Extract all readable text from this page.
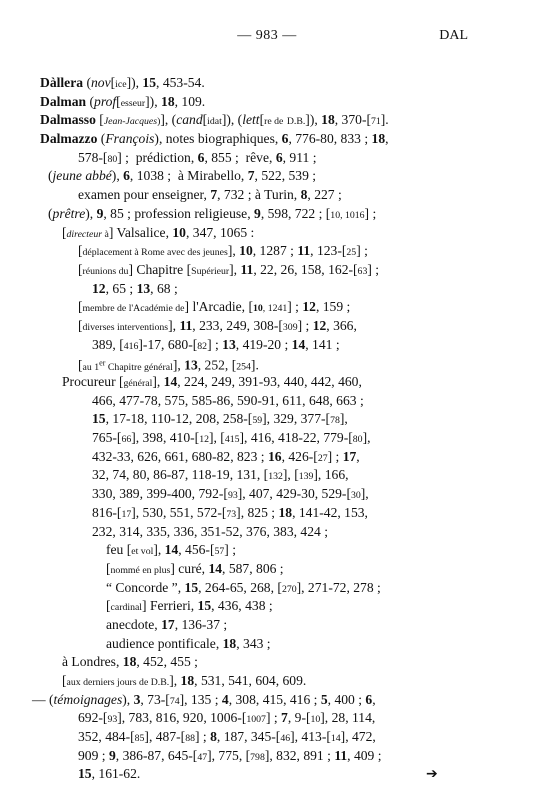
— 983 —	DAL
Dàllera (nov[ice]), 15, 453-54.
Dalman (prof[esseur]), 18, 109.
Dalmasso [Jean-Jacques)], (cand[idat]), (lett[re de D.B.]), 18, 370-[71].
Dalmazzo (François), notes biographiques, 6, 776-80, 833 ; 18,
578-[80] ;  prédiction, 6, 855 ;  rêve, 6, 911 ;
(jeune abbé), 6, 1038 ;  à Mirabello, 7, 522, 539 ;
examen pour enseigner, 7, 732 ; à Turin, 8, 227 ;
(prêtre), 9, 85 ; profession religieuse, 9, 598, 722 ; [10, 1016] ;
[directeur à] Valsalice, 10, 347, 1065 :
[déplacement à Rome avec des jeunes], 10, 1287 ; 11, 123-[25] ;
[réunions du] Chapitre [Supérieur], 11, 22, 26, 158, 162-[63] ;
12, 65 ; 13, 68 ;
[membre de l'Académie de] l'Arcadie, [10, 1241] ; 12, 159 ;
[diverses interventions], 11, 233, 249, 308-[309] ; 12, 366,
389, [416]-17, 680-[82] ; 13, 419-20 ; 14, 141 ;
[au 1er Chapitre général], 13, 252, [254].
Procureur [général], 14, 224, 249, 391-93, 440, 442, 460,
466, 477-78, 575, 585-86, 590-91, 611, 648, 663 ;
15, 17-18, 110-12, 208, 258-[59], 329, 377-[78],
765-[66], 398, 410-[12], [415], 416, 418-22, 779-[80],
432-33, 626, 661, 680-82, 823 ; 16, 426-[27] ; 17,
32, 74, 80, 86-87, 118-19, 131, [132], [139], 166,
330, 389, 399-400, 792-[93], 407, 429-30, 529-[30],
816-[17], 530, 551, 572-[73], 825 ; 18, 141-42, 153,
232, 314, 335, 336, 351-52, 376, 383, 424 ;
feu [et vol], 14, 456-[57] ;
[nommé en plus] curé, 14, 587, 806 ;
“ Concorde ”, 15, 264-65, 268, [270], 271-72, 278 ;
[cardinal] Ferrieri, 15, 436, 438 ;
anecdote, 17, 136-37 ;
audience pontificale, 18, 343 ;
à Londres, 18, 452, 455 ;
[aux derniers jours de D.B.], 18, 531, 541, 604, 609.
— (témoignages), 3, 73-[74], 135 ; 4, 308, 415, 416 ; 5, 400 ; 6,
692-[93], 783, 816, 920, 1006-[1007] ; 7, 9-[10], 28, 114,
352, 484-[85], 487-[88] ; 8, 187, 345-[46], 413-[14], 472,
909 ; 9, 386-87, 645-[47], 775, [798], 832, 891 ; 11, 409 ;
15, 161-62.	➔
